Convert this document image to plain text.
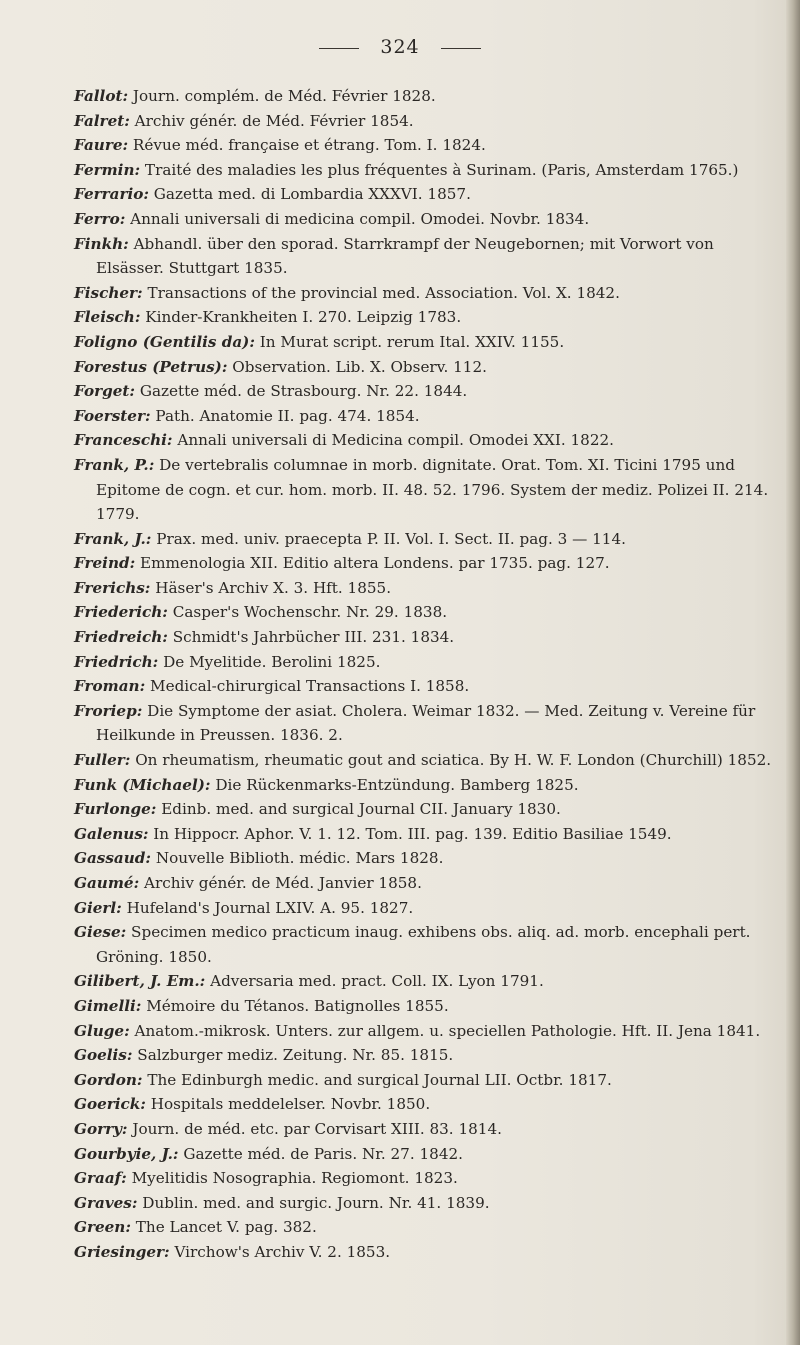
324
Fallot: Journ. complém. de Méd. Février 1828.
Falret: Archiv génér. de Méd. Février 1854.
Faure: Révue méd. française et étrang. Tom. I. 1824.
Fermin: Traité des maladies les plus fréquentes à Surinam. (Paris, Amsterdam 1765.)
Ferrario: Gazetta med. di Lombardia XXXVI. 1857.
Ferro: Annali universali di medicina compil. Omodei. Novbr. 1834.
Finkh: Abhandl. über den sporad. Starrkrampf der Neugebornen; mit Vorwort von Elsässer. Stuttgart 1835.
Fischer: Transactions of the provincial med. Association. Vol. X. 1842.
Fleisch: Kinder-Krankheiten I. 270. Leipzig 1783.
Foligno (Gentilis da): In Murat script. rerum Ital. XXIV. 1155.
Forestus (Petrus): Observation. Lib. X. Observ. 112.
Forget: Gazette méd. de Strasbourg. Nr. 22. 1844.
Foerster: Path. Anatomie II. pag. 474. 1854.
Franceschi: Annali universali di Medicina compil. Omodei XXI. 1822.
Frank, P.: De vertebralis columnae in morb. dignitate. Orat. Tom. XI. Ticini 1795 und Epitome de cogn. et cur. hom. morb. II. 48. 52. 1796. System der mediz. Polizei II. 214. 1779.
Frank, J.: Prax. med. univ. praecepta P. II. Vol. I. Sect. II. pag. 3 — 114.
Freind: Emmenologia XII. Editio altera Londens. par 1735. pag. 127.
Frerichs: Häser's Archiv X. 3. Hft. 1855.
Friederich: Casper's Wochenschr. Nr. 29. 1838.
Friedreich: Schmidt's Jahrbücher III. 231. 1834.
Friedrich: De Myelitide. Berolini 1825.
Froman: Medical-chirurgical Transactions I. 1858.
Froriep: Die Symptome der asiat. Cholera. Weimar 1832. — Med. Zeitung v. Vereine für Heilkunde in Preussen. 1836. 2.
Fuller: On rheumatism, rheumatic gout and sciatica. By H. W. F. London (Churchill) 1852.
Funk (Michael): Die Rückenmarks-Entzündung. Bamberg 1825.
Furlonge: Edinb. med. and surgical Journal CII. January 1830.
Galenus: In Hippocr. Aphor. V. 1. 12. Tom. III. pag. 139. Editio Basiliae 1549.
Gassaud: Nouvelle Biblioth. médic. Mars 1828.
Gaumé: Archiv génér. de Méd. Janvier 1858.
Gierl: Hufeland's Journal LXIV. A. 95. 1827.
Giese: Specimen medico practicum inaug. exhibens obs. aliq. ad. morb. encephali pert. Gröning. 1850.
Gilibert, J. Em.: Adversaria med. pract. Coll. IX. Lyon 1791.
Gimelli: Mémoire du Tétanos. Batignolles 1855.
Gluge: Anatom.-mikrosk. Unters. zur allgem. u. speciellen Pathologie. Hft. II. Jena 1841.
Goelis: Salzburger mediz. Zeitung. Nr. 85. 1815.
Gordon: The Edinburgh medic. and surgical Journal LII. Octbr. 1817.
Goerick: Hospitals meddelelser. Novbr. 1850.
Gorry: Journ. de méd. etc. par Corvisart XIII. 83. 1814.
Gourbyie, J.: Gazette méd. de Paris. Nr. 27. 1842.
Graaf: Myelitidis Nosographia. Regiomont. 1823.
Graves: Dublin. med. and surgic. Journ. Nr. 41. 1839.
Green: The Lancet V. pag. 382.
Griesinger: Virchow's Archiv V. 2. 1853.
